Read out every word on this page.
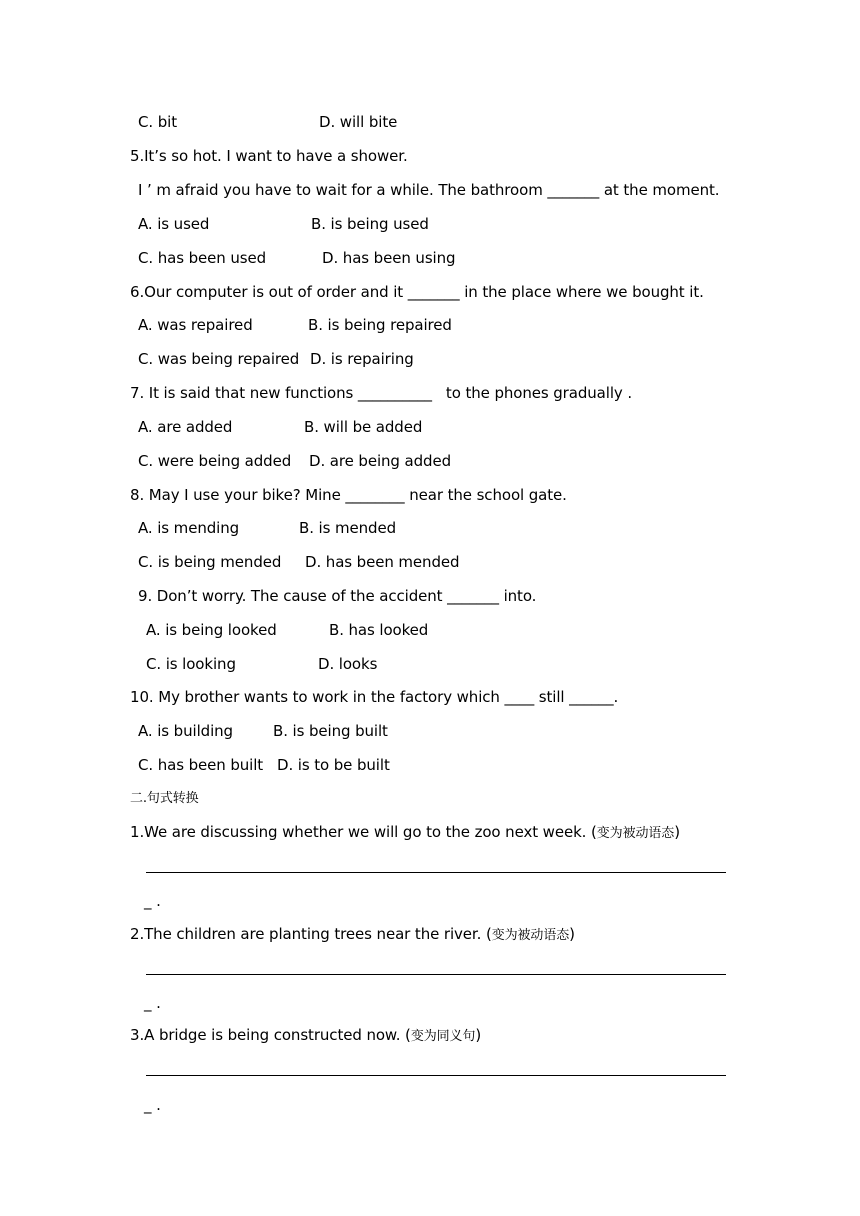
C. bit	D. will bite
5.It’s so hot. I want to have a shower.
I ’ m afraid you have to wait for a while. The bathroom _______ at the moment.
A. is used	B. is being used
C. has been used	D. has been using
6.Our computer is out of order and it _______ in the place where we bought it.
A. was repaired	B. is being repaired
C. was being repaired D. is repairing
7. It is said that new functions __________   to the phones gradually .
A. are added	B. will be added
C. were being added D. are being added
8. May I use your bike? Mine ________ near the school gate.
A. is mending	B. is mended
C. is being mended D. has been mended
9. Don’t worry. The cause of the accident _______ into.
A. is being looked	B. has looked
C. is looking	D. looks
10. My brother wants to work in the factory which ____ still ______.
A. is building	B. is being built
C. has been built D. is to be built
二.句式转换
1.We are discussing whether we will go to the zoo next week. (变为被动语态)
_ .
2.The children are planting trees near the river. (变为被动语态)
_ .
3.A bridge is being constructed now. (变为同义句)
_ .
